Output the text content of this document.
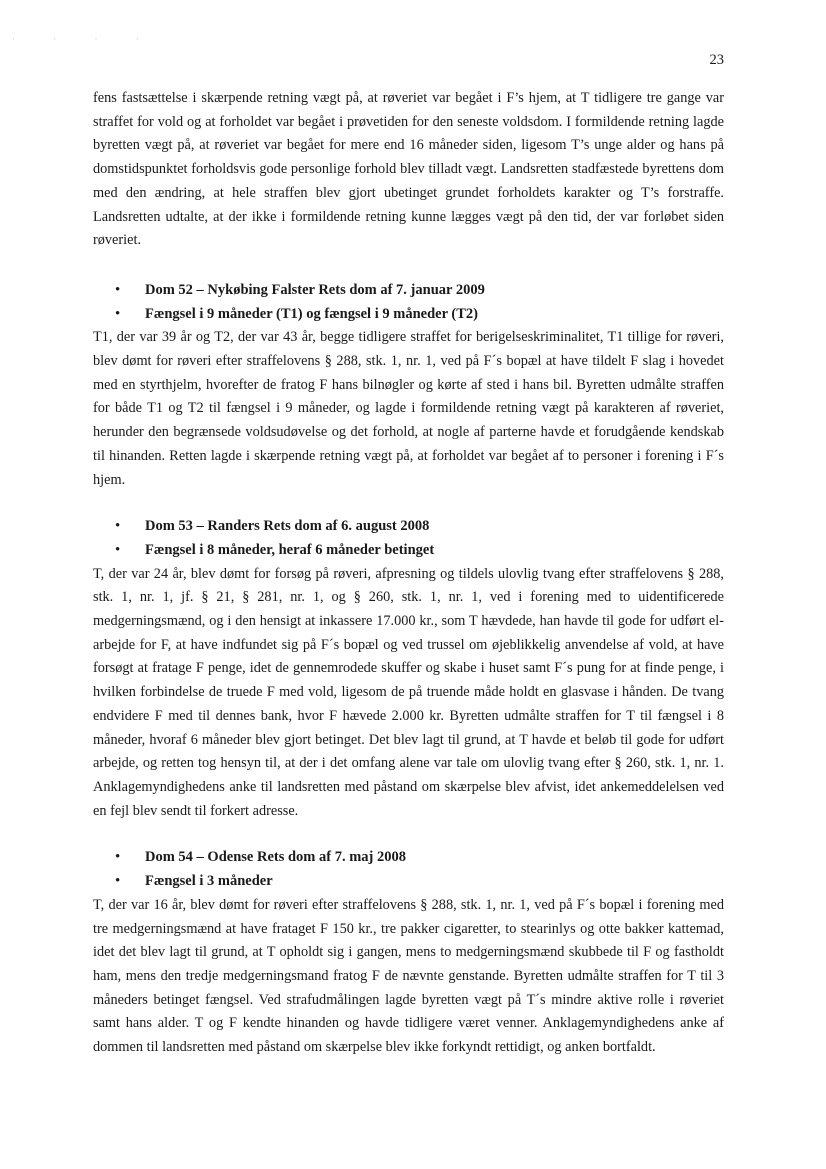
· · · ·
23

fens fastsættelse i skærpende retning vægt på, at røveriet var begået i F’s hjem, at T tidligere tre gange var straffet for vold og at forholdet var begået i prøvetiden for den seneste voldsdom. I formildende retning lagde byretten vægt på, at røveriet var begået for mere end 16 måneder siden, ligesom T’s unge alder og hans på domstidspunktet forholdsvis gode personlige forhold blev tilladt vægt. Landsretten stadfæstede byrettens dom med den ændring, at hele straffen blev gjort ubetinget grundet forholdets karakter og T’s forstraffe. Landsretten udtalte, at der ikke i formildende retning kunne lægges vægt på den tid, der var forløbet siden røveriet.

• Dom 52 – Nykøbing Falster Rets dom af 7. januar 2009
• Fængsel i 9 måneder (T1) og fængsel i 9 måneder (T2)

T1, der var 39 år og T2, der var 43 år, begge tidligere straffet for berigelseskriminalitet, T1 tillige for røveri, blev dømt for røveri efter straffelovens § 288, stk. 1, nr. 1, ved på F´s bopæl at have tildelt F slag i hovedet med en styrthjelm, hvorefter de fratog F hans bilnøgler og kørte af sted i hans bil. Byretten udmålte straffen for både T1 og T2 til fængsel i 9 måneder, og lagde i formildende retning vægt på karakteren af røveriet, herunder den begrænsede voldsudøvelse og det forhold, at nogle af parterne havde et forudgående kendskab til hinanden. Retten lagde i skærpende retning vægt på, at forholdet var begået af to personer i forening i F´s hjem.

• Dom 53 – Randers Rets dom af 6. august 2008
• Fængsel i 8 måneder, heraf 6 måneder betinget

T, der var 24 år, blev dømt for forsøg på røveri, afpresning og tildels ulovlig tvang efter straffelovens § 288, stk. 1, nr. 1, jf. § 21, § 281, nr. 1, og § 260, stk. 1, nr. 1, ved i forening med to uidentificerede medgerningsmænd, og i den hensigt at inkassere 17.000 kr., som T hævdede, han havde til gode for udført el-arbejde for F, at have indfundet sig på F´s bopæl og ved trussel om øjeblikkelig anvendelse af vold, at have forsøgt at fratage F penge, idet de gennemrodede skuffer og skabe i huset samt F´s pung for at finde penge, i hvilken forbindelse de truede F med vold, ligesom de på truende måde holdt en glasvase i hånden. De tvang endvidere F med til dennes bank, hvor F hævede 2.000 kr. Byretten udmålte straffen for T til fængsel i 8 måneder, hvoraf 6 måneder blev gjort betinget. Det blev lagt til grund, at T havde et beløb til gode for udført arbejde, og retten tog hensyn til, at der i det omfang alene var tale om ulovlig tvang efter § 260, stk. 1, nr. 1. Anklagemyndighedens anke til landsretten med påstand om skærpelse blev afvist, idet ankemeddelelsen ved en fejl blev sendt til forkert adresse.

• Dom 54 – Odense Rets dom af 7. maj 2008
• Fængsel i 3 måneder

T, der var 16 år, blev dømt for røveri efter straffelovens § 288, stk. 1, nr. 1, ved på F´s bopæl i forening med tre medgerningsmænd at have frataget F 150 kr., tre pakker cigaretter, to stearinlys og otte bakker kattemad, idet det blev lagt til grund, at T opholdt sig i gangen, mens to medgerningsmænd skubbede til F og fastholdt ham, mens den tredje medgerningsmand fratog F de nævnte genstande. Byretten udmålte straffen for T til 3 måneders betinget fængsel. Ved strafudmålingen lagde byretten vægt på T´s mindre aktive rolle i røveriet samt hans alder. T og F kendte hinanden og havde tidligere været venner. Anklagemyndighedens anke af dommen til landsretten med påstand om skærpelse blev ikke forkyndt rettidigt, og anken bortfaldt.
